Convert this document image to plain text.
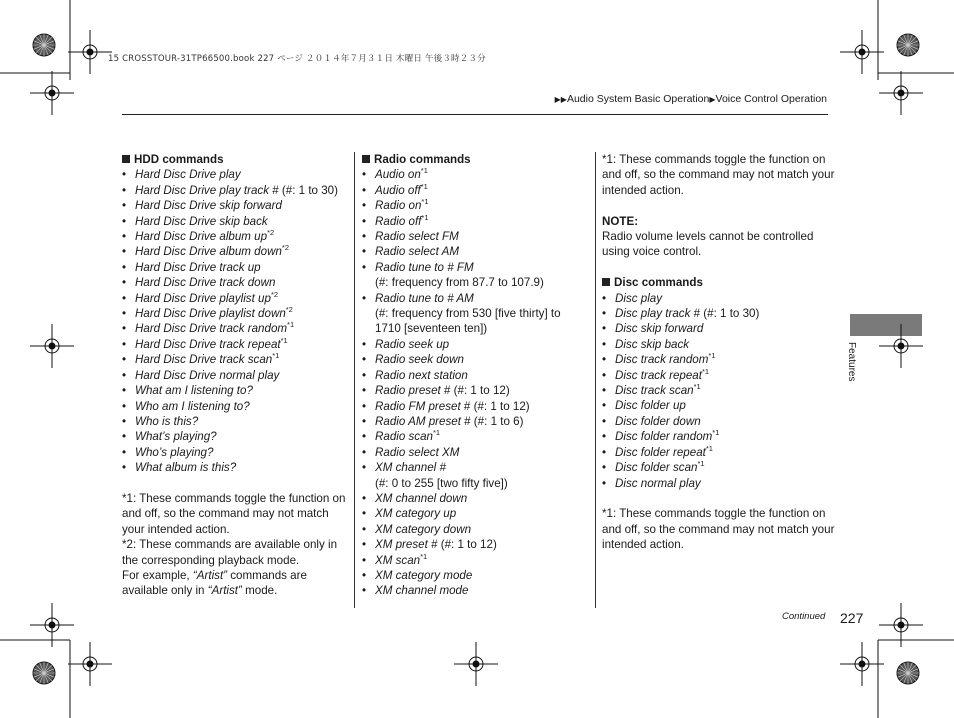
15 CROSSTOUR-31TP66500.book 227 ページ ２０１４年７月３１日 木曜日 午後３時２３分
▶▶Audio System Basic Operation▶Voice Control Operation
HDD commands
• Hard Disc Drive play
• Hard Disc Drive play track # (#: 1 to 30)
• Hard Disc Drive skip forward
• Hard Disc Drive skip back
• Hard Disc Drive album $up^{*2}$
• Hard Disc Drive album down$^{*2}$
• Hard Disc Drive track up
• Hard Disc Drive track down
• Hard Disc Drive playlist $up^{*2}$
• Hard Disc Drive playlist down$^{*2}$
• Hard Disc Drive track random$^{*1}$
• Hard Disc Drive track repeat$^{*1}$
• Hard Disc Drive track scan$^{*1}$
• Hard Disc Drive normal play
• What am I listening to?
• Who am I listening to?
• Who is this?
• What’s playing?
• Who’s playing?
• What album is this?
*1: These commands toggle the function on and off, so the command may not match your intended action.
*2: These commands are available only in the corresponding playback mode.
For example, “Artist” commands are available only in “Artist” mode.
Radio commands
• Audio $on^{*1}$
• Audio off$^{*1}$
• Radio $on^{*1}$
• Radio off$^{*1}$
• Radio select FM
• Radio select AM
• Radio tune to # FM
(#: frequency from 87.7 to 107.9)
• Radio tune to # AM
(#: frequency from 530 [five thirty] to 1710 [seventeen ten])
• Radio seek up
• Radio seek down
• Radio next station
• Radio preset # (#: 1 to 12)
• Radio FM preset # (#: 1 to 12)
• Radio AM preset # (#: 1 to 6)
• Radio scan$^{*1}$
• Radio select XM
• XM channel #
(#: 0 to 255 [two fifty five])
• XM channel down
• XM category up
• XM category down
• XM preset # (#: 1 to 12)
• XM scan$^{*1}$
• XM category mode
• XM channel mode
*1: These commands toggle the function on and off, so the command may not match your intended action.
NOTE:
Radio volume levels cannot be controlled using voice control.
Disc commands
• Disc play
• Disc play track # (#: 1 to 30)
• Disc skip forward
• Disc skip back
• Disc track random$^{*1}$
• Disc track repeat$^{*1}$
• Disc track scan$^{*1}$
• Disc folder up
• Disc folder down
• Disc folder random$^{*1}$
• Disc folder repeat$^{*1}$
• Disc folder scan$^{*1}$
• Disc normal play
*1: These commands toggle the function on and off, so the command may not match your intended action.
Features
Continued 227
